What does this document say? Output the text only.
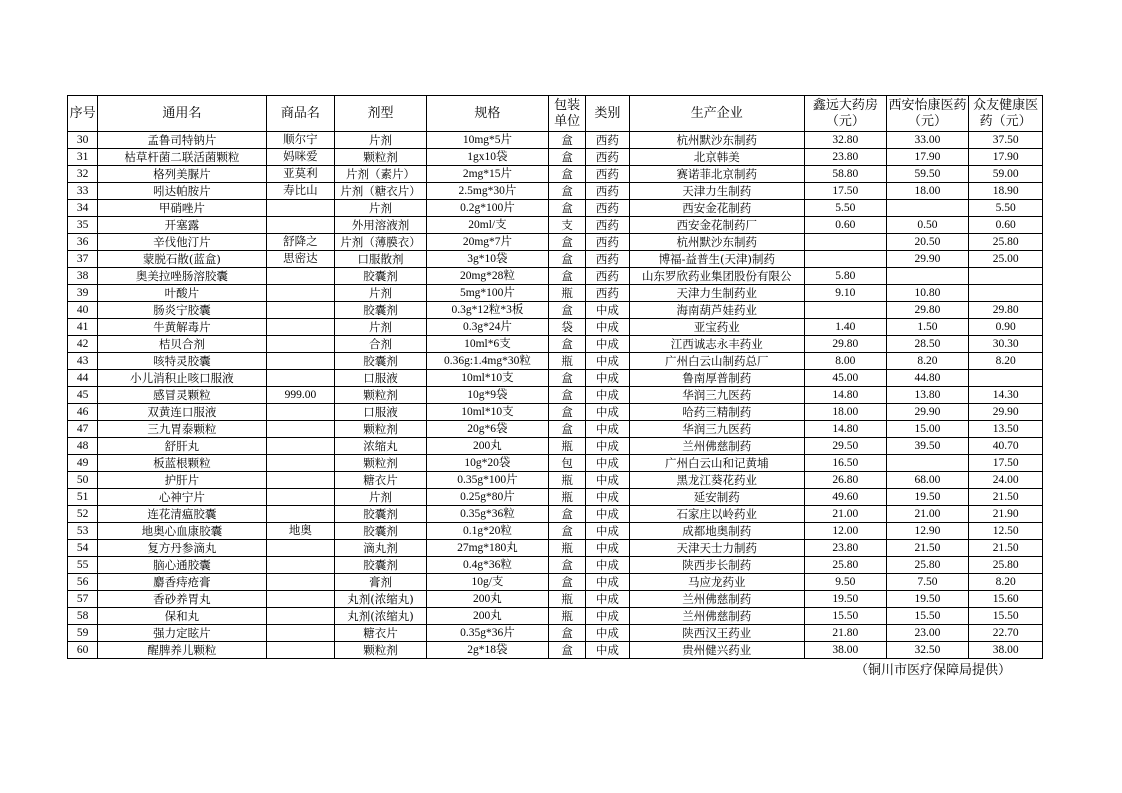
序号	通用名	商品名	剂型	规格	包装单位	类别	生产企业	鑫远大药房（元）	西安怡康医药（元）	众友健康医药（元）
30	孟鲁司特钠片	顺尔宁	片剂	10mg*5片	盒	西药	杭州默沙东制药	32.80	33.00	37.50
31	枯草杆菌二联活菌颗粒	妈咪爱	颗粒剂	1gx10袋	盒	西药	北京韩美	23.80	17.90	17.90
32	格列美脲片	亚莫利	片剂（素片）	2mg*15片	盒	西药	赛诺菲北京制药	58.80	59.50	59.00
33	吲达帕胺片	寿比山	片剂（糖衣片）	2.5mg*30片	盒	西药	天津力生制药	17.50	18.00	18.90
34	甲硝唑片		片剂	0.2g*100片	盒	西药	西安金花制药	5.50		5.50
35	开塞露		外用溶液剂	20ml/支	支	西药	西安金花制药厂	0.60	0.50	0.60
36	辛伐他汀片	舒降之	片剂（薄膜衣）	20mg*7片	盒	西药	杭州默沙东制药		20.50	25.80
37	蒙脱石散(蓝盒)	思密达	口服散剂	3g*10袋	盒	西药	博福-益普生(天津)制药		29.90	25.00
38	奥美拉唑肠溶胶囊		胶囊剂	20mg*28粒	盒	西药	山东罗欣药业集团股份有限公	5.80		
39	叶酸片		片剂	5mg*100片	瓶	西药	天津力生制药业	9.10	10.80	
40	肠炎宁胶囊		胶囊剂	0.3g*12粒*3板	盒	中成	海南葫芦娃药业		29.80	29.80
41	牛黄解毒片		片剂	0.3g*24片	袋	中成	亚宝药业	1.40	1.50	0.90
42	桔贝合剂		合剂	10ml*6支	盒	中成	江西诚志永丰药业	29.80	28.50	30.30
43	咳特灵胶囊		胶囊剂	0.36g:1.4mg*30粒	瓶	中成	广州白云山制药总厂	8.00	8.20	8.20
44	小儿消积止咳口服液		口服液	10ml*10支	盒	中成	鲁南厚普制药	45.00	44.80	
45	感冒灵颗粒	999.00	颗粒剂	10g*9袋	盒	中成	华润三九医药	14.80	13.80	14.30
46	双黄连口服液		口服液	10ml*10支	盒	中成	哈药三精制药	18.00	29.90	29.90
47	三九胃泰颗粒		颗粒剂	20g*6袋	盒	中成	华润三九医药	14.80	15.00	13.50
48	舒肝丸		浓缩丸	200丸	瓶	中成	兰州佛慈制药	29.50	39.50	40.70
49	板蓝根颗粒		颗粒剂	10g*20袋	包	中成	广州白云山和记黄埔	16.50		17.50
50	护肝片		糖衣片	0.35g*100片	瓶	中成	黑龙江葵花药业	26.80	68.00	24.00
51	心神宁片		片剂	0.25g*80片	瓶	中成	延安制药	49.60	19.50	21.50
52	连花清瘟胶囊		胶囊剂	0.35g*36粒	盒	中成	石家庄以岭药业	21.00	21.00	21.90
53	地奥心血康胶囊	地奥	胶囊剂	0.1g*20粒	盒	中成	成都地奥制药	12.00	12.90	12.50
54	复方丹参滴丸		滴丸剂	27mg*180丸	瓶	中成	天津天士力制药	23.80	21.50	21.50
55	脑心通胶囊		胶囊剂	0.4g*36粒	盒	中成	陕西步长制药	25.80	25.80	25.80
56	麝香痔疮膏		膏剂	10g/支	盒	中成	马应龙药业	9.50	7.50	8.20
57	香砂养胃丸		丸剂(浓缩丸)	200丸	瓶	中成	兰州佛慈制药	19.50	19.50	15.60
58	保和丸		丸剂(浓缩丸)	200丸	瓶	中成	兰州佛慈制药	15.50	15.50	15.50
59	强力定眩片		糖衣片	0.35g*36片	盒	中成	陕西汉王药业	21.80	23.00	22.70
60	醒脾养儿颗粒		颗粒剂	2g*18袋	盒	中成	贵州健兴药业	38.00	32.50	38.00
（铜川市医疗保障局提供）
